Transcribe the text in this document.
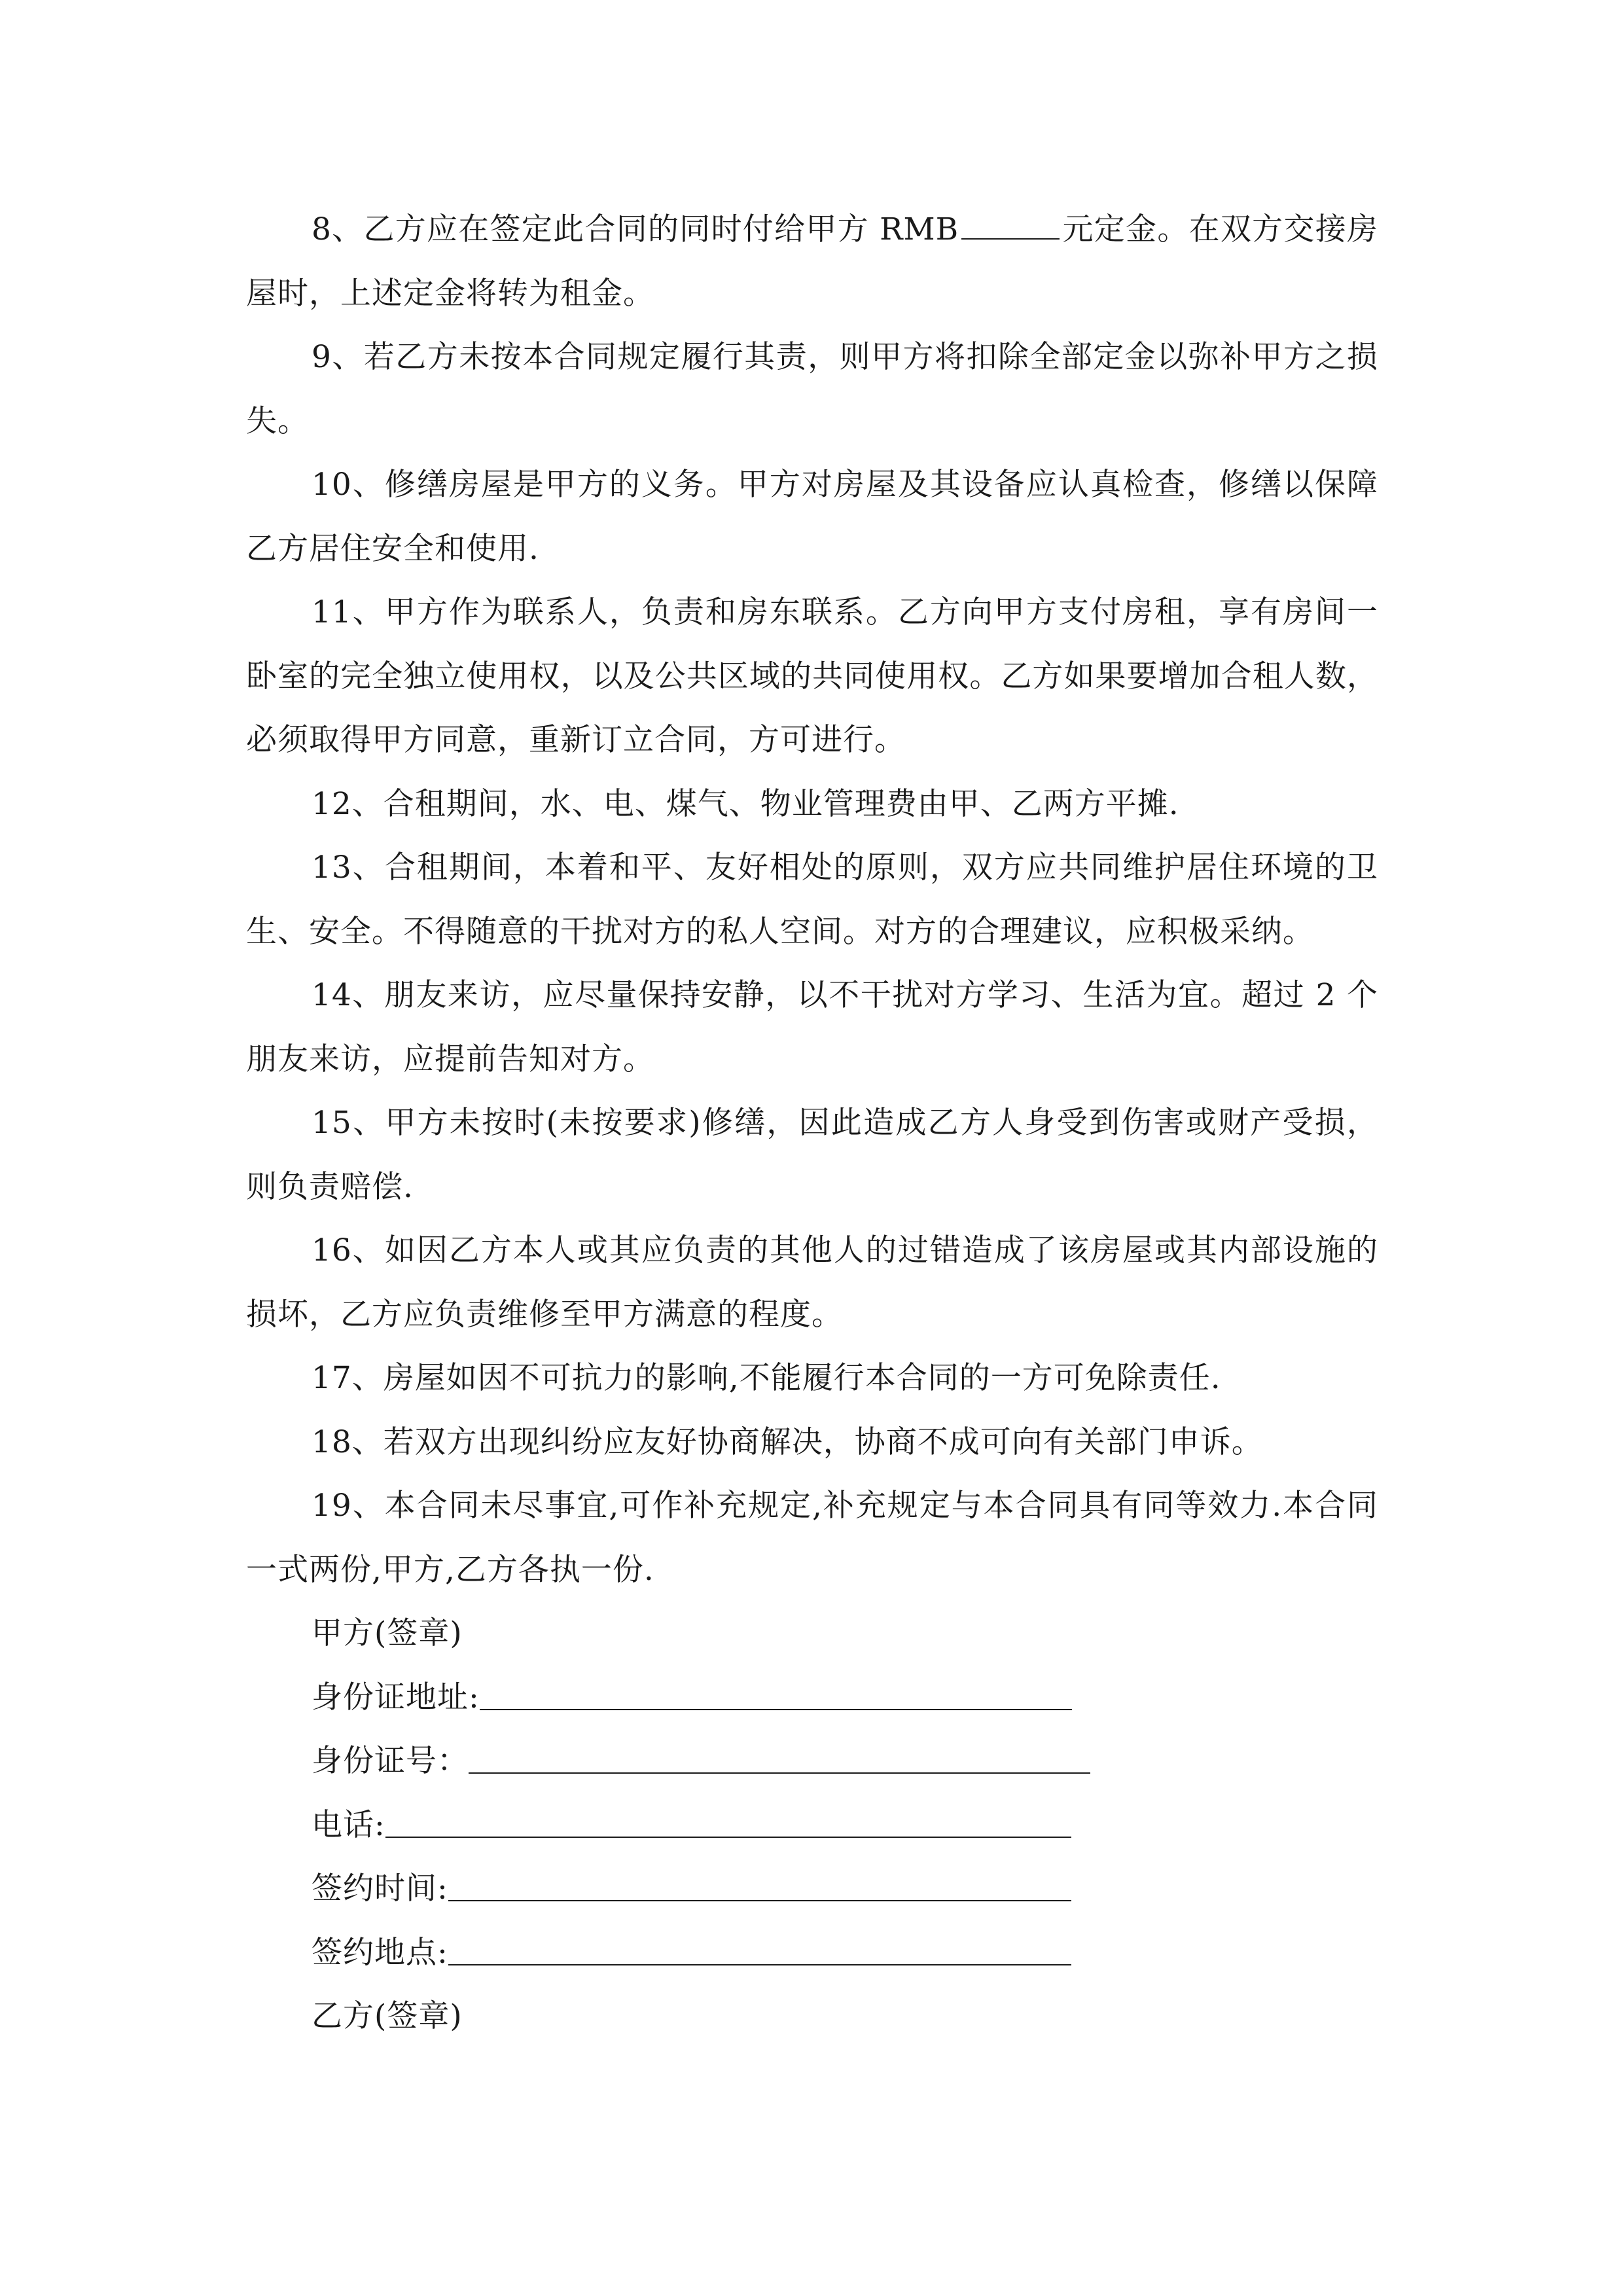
8、乙方应在签定此合同的同时付给甲方 RMB	元定金。在双方交接房屋时，上述定金将转为租金。

9、若乙方未按本合同规定履行其责，则甲方将扣除全部定金以弥补甲方之损失。

10、修缮房屋是甲方的义务。甲方对房屋及其设备应认真检查，修缮以保障乙方居住安全和使用.

11、甲方作为联系人，负责和房东联系。乙方向甲方支付房租，享有房间一卧室的完全独立使用权，以及公共区域的共同使用权。乙方如果要增加合租人数，必须取得甲方同意，重新订立合同，方可进行。

12、合租期间，水、电、煤气、物业管理费由甲、乙两方平摊.

13、合租期间，本着和平、友好相处的原则，双方应共同维护居住环境的卫生、安全。不得随意的干扰对方的私人空间。对方的合理建议，应积极采纳。

14、朋友来访，应尽量保持安静，以不干扰对方学习、生活为宜。超过 2 个朋友来访，应提前告知对方。

15、甲方未按时(未按要求)修缮，因此造成乙方人身受到伤害或财产受损，则负责赔偿.

16、如因乙方本人或其应负责的其他人的过错造成了该房屋或其内部设施的损坏，乙方应负责维修至甲方满意的程度。

17、房屋如因不可抗力的影响,不能履行本合同的一方可免除责任.

18、若双方出现纠纷应友好协商解决，协商不成可向有关部门申诉。

19、本合同未尽事宜,可作补充规定,补充规定与本合同具有同等效力.本合同一式两份,甲方,乙方各执一份.

甲方(签章)

身份证地址:

身份证号：

电话:

签约时间:

签约地点:

乙方(签章)
